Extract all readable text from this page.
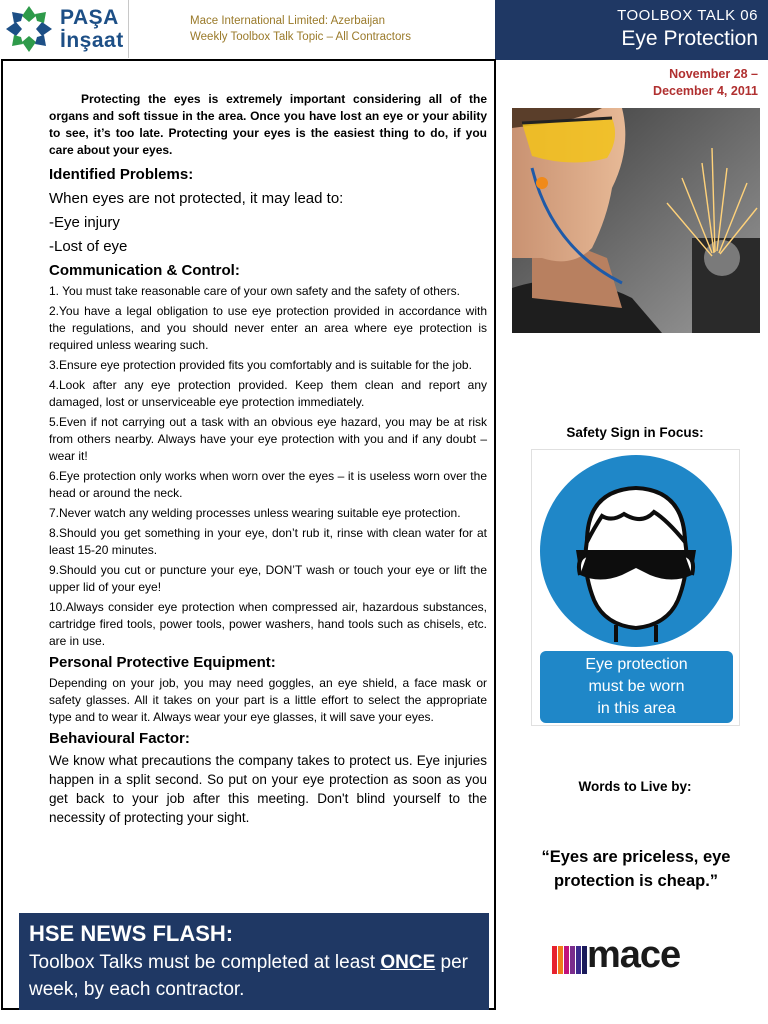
PAŞA
İnşaat
Mace International Limited: Azerbaijan
Weekly Toolbox Talk Topic – All Contractors
TOOLBOX TALK 06
Eye Protection

Protecting the eyes is extremely important considering all of the organs and soft tissue in the area. Once you have lost an eye or your ability to see, it’s too late. Protecting your eyes is the easiest thing to do, if you care about your eyes.

Identified Problems:
When eyes are not protected, it may lead to:
-Eye injury
-Lost of eye
Communication & Control:

1. You must take reasonable care of your own safety and the safety of others.

2.You have a legal obligation to use eye protection provided in accordance with the regulations, and you should never enter an area where eye protection is required unless wearing such.

3.Ensure eye protection provided fits you comfortably and is suitable for the job.

4.Look after any eye protection provided. Keep them clean and report any damaged, lost or unserviceable eye protection immediately.

5.Even if not carrying out a task with an obvious eye hazard, you may be at risk from others nearby. Always have your eye protection with you and if any doubt – wear it!

6.Eye protection only works when worn over the eyes – it is useless worn over the head or around the neck.

7.Never watch any welding processes unless wearing suitable eye protection.

8.Should you get something in your eye, don’t rub it, rinse with clean water for at least 15-20 minutes.

9.Should you cut or puncture your eye, DON’T wash or touch your eye or lift the upper lid of your eye!

10.Always consider eye protection when compressed air, hazardous substances, cartridge fired tools, power tools, power washers, hand tools such as chisels, etc. are in use.

Personal Protective Equipment:

Depending on your job, you may need goggles, an eye shield, a face mask or safety glasses. All it takes on your part is a little effort to select the appropriate type and to wear it. Always wear your eye glasses, it will save your eyes.

Behavioural Factor:

We know what precautions the company takes to protect us. Eye injuries happen in a split second. So put on your eye protection as soon as you get back to your job after this meeting. Don't blind yourself to the necessity of protecting your sight.

HSE NEWS FLASH:
Toolbox Talks must be completed at least ONCE per week, by each contractor.
November 28 –
December 4, 2011
Safety Sign in Focus:
Eye protection
must be worn
in this area
Words to Live by:
“Eyes are priceless, eye protection is cheap.”
mace
